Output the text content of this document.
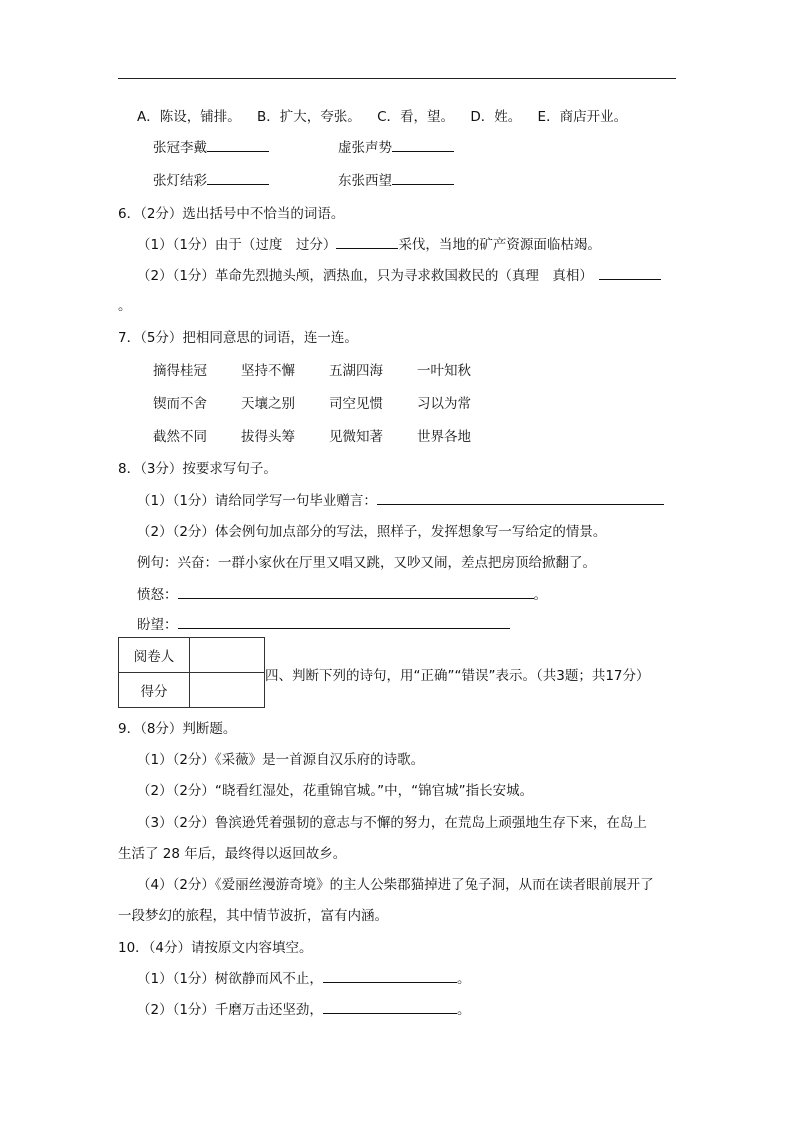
A．陈设，铺排。 B．扩大，夸张。 C．看，望。 D．姓。 E．商店开业。
张冠李戴	虚张声势
张灯结彩	东张西望
6．（2分）选出括号中不恰当的词语。
（1）（1分）由于（过度　过分）	采伐，当地的矿产资源面临枯竭。
（2）（1分）革命先烈抛头颅，洒热血，只为寻求救国救民的（真理　真相）
。
7．（5分）把相同意思的词语，连一连。
摘得桂冠	坚持不懈	五湖四海	一叶知秋
锲而不舍	天壤之别	司空见惯	习以为常
截然不同	拔得头筹	见微知著	世界各地
8．（3分）按要求写句子。
（1）（1分）请给同学写一句毕业赠言：
（2）（2分）体会例句加点部分的写法，照样子，发挥想象写一写给定的情景。
例句：兴奋：一群小家伙在厅里又唱又跳，又吵又闹，差点把房顶给掀翻了。
愤怒：	。
盼望：
阅卷人	
得分	
四、判断下列的诗句，用“正确”“错误”表示。（共3题；共17分）
9．（8分）判断题。
（1）（2分）《采薇》是一首源自汉乐府的诗歌。
（2）（2分）“晓看红湿处，花重锦官城。”中，“锦官城”指长安城。
（3）（2分）鲁滨逊凭着强韧的意志与不懈的努力，在荒岛上顽强地生存下来，在岛上
生活了 28 年后，最终得以返回故乡。
（4）（2分）《爱丽丝漫游奇境》的主人公柴郡猫掉进了兔子洞，从而在读者眼前展开了
一段梦幻的旅程，其中情节波折，富有内涵。
10．（4分）请按原文内容填空。
（1）（1分）树欲静而风不止，	。
（2）（1分）千磨万击还坚劲，	。
